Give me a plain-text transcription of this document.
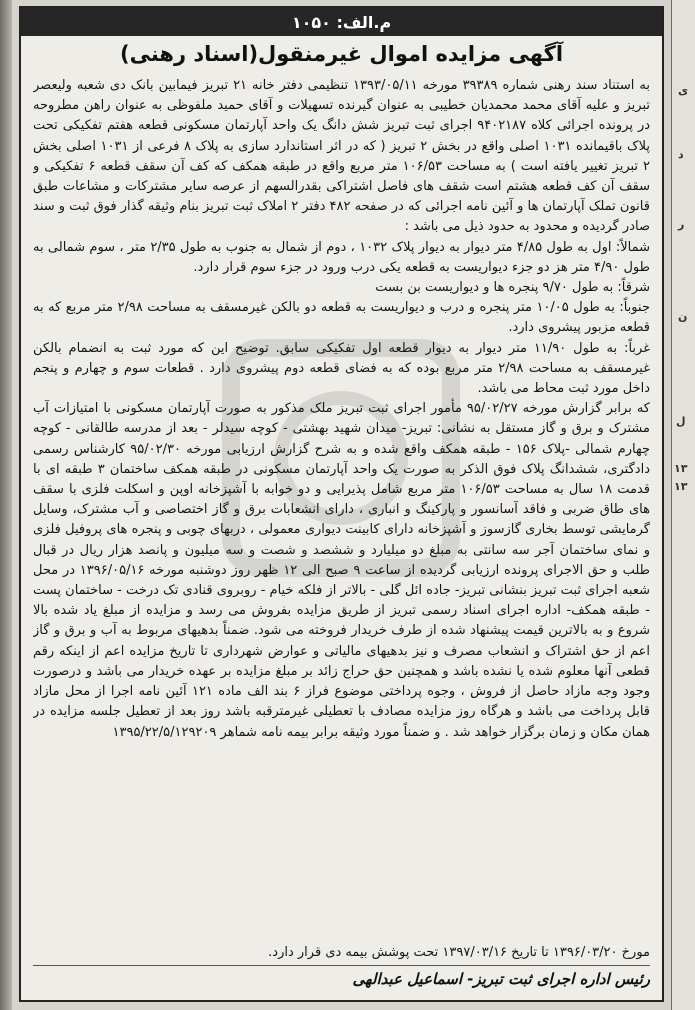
ی
د
ر
ن
ل
۱۳
۱۳
م.الف: ۱۰۵۰
آگهی مزایده اموال غیرمنقول(اسناد رهنی)

به استناد سند رهنی شماره ۳۹۳۸۹ مورخه ۱۳۹۳/۰۵/۱۱ تنظیمی دفتر خانه ۲۱ تبریز فیمابین بانک دی شعبه ولیعصر تبریز و علیه آقای محمد محمدیان خطیبی به عنوان گیرنده تسهیلات و آقای حمید ملفوظی به عنوان راهن مطروحه در پرونده اجرائی کلاه ۹۴۰۲۱۸۷ اجرای ثبت تبریز شش دانگ یک واحد آپارتمان مسکونی قطعه هفتم تفکیکی تحت پلاک باقیمانده ۱۰۳۱ اصلی واقع در بخش ۲ تبریز ( که در اثر استاندارد سازی به پلاک ۸ فرعی از ۱۰۳۱ اصلی بخش ۲ تبریز تغییر یافته است ) به مساحت ۱۰۶/۵۳ متر مربع واقع در طبقه همکف که کف آن سقف قطعه ۶ تفکیکی و سقف آن کف قطعه هشتم است شقف های فاصل اشتراکی بقدرالسهم از عرصه سایر مشترکات و مشاعات طبق قانون تملک آپارتمان ها و آئین نامه اجرائی که در صفحه ۴۸۲ دفتر ۲ املاک ثبت تبریز بنام وثیقه گذار فوق ثبت و سند صادر گردیده و محدود به حدود ذیل می باشد :

شمالاً: اول به طول ۴/۸۵ متر دیوار به دیوار پلاک ۱۰۳۲ ، دوم از شمال به جنوب به طول ۲/۳۵ متر ، سوم شمالی به طول ۴/۹۰ متر هز دو جزء دیواریست به قطعه یکی درب ورود در جزء سوم قرار دارد.

شرقاً: به طول ۹/۷۰ پنجره ها و دیواریست بن بست

جنوباً: به طول ۱۰/۰۵ متر پنجره و درب و دیواریست به قطعه دو بالکن غیرمسقف به مساحت ۲/۹۸ متر مربع که به قطعه مزبور پیشروی دارد.

غرباً: به طول ۱۱/۹۰ متر دیوار به دیوار قطعه اول تفکیکی سابق. توضیح این که مورد ثبت به انضمام بالکن غیرمسقف به مساحت ۲/۹۸ متر مربع بوده که به فضای قطعه دوم پیشروی دارد . قطعات سوم و چهارم و پنجم داخل مورد ثبت محاط می باشد.

که برابر گزارش مورخه ۹۵/۰۲/۲۷ مأمور اجرای ثبت تبریز ملک مذکور به صورت آپارتمان مسکونی با امتیازات آب مشترک و برق و گاز مستقل به نشانی: تبریز- میدان شهید بهشتی - کوچه سیدلر - بعد از مدرسه طالقانی - کوچه چهارم شمالی -پلاک ۱۵۶ - طبقه همکف واقع شده و به شرح گزارش ارزیابی مورخه ۹۵/۰۲/۳۰ کارشناس رسمی دادگتری، ششدانگ پلاک فوق الذکر به صورت یک واحد آپارتمان مسکونی در طبقه همکف ساختمان ۳ طبقه ای با قدمت ۱۸ سال به مساحت ۱۰۶/۵۳ متر مربع شامل پذیرایی و دو خوابه با آشپزخانه اوپن و اسکلت فلزی با سقف های طاق ضربی و فاقد آسانسور و پارکینگ و انباری ، دارای انشعابات برق و گاز اختصاصی و آب مشترک، وسایل گرمایشی توسط بخاری گازسوز و آشپزخانه دارای کابینت دیواری معمولی ، دربهای چوبی و پنجره های پروفیل فلزی و نمای ساختمان آجر سه سانتی به مبلغ دو میلیارد و ششصد و شصت و سه میلیون و پانصد هزار ریال در قبال طلب و حق الاجرای پرونده ارزیابی گردیده از ساعت ۹ صبح الی ۱۲ ظهر روز دوشنبه مورخه ۱۳۹۶/۰۵/۱۶ در محل شعبه اجرای ثبت تبریز بنشانی تبریز- جاده ائل گلی - بالاتر از فلکه خیام - روبروی قنادی تک درخت - ساختمان پست - طبقه همکف- اداره اجرای اسناد رسمی تبریز از طریق مزایده بفروش می رسد و مزایده از مبلغ یاد شده بالا شروع و به بالاترین قیمت پیشنهاد شده از طرف خریدار فروخته می شود. ضمناً بدهیهای مربوط به آب و برق و گاز اعم از حق اشتراک و انشعاب مصرف و نیز بدهیهای مالیاتی و عوارض شهرداری تا تاریخ مزایده اعم از اینکه رقم قطعی آنها معلوم شده یا نشده باشد و همچنین حق حراج زائد بر مبلغ مزایده بر عهده خریدار می باشد و درصورت وجود وجه مازاد حاصل از فروش ، وجوه پرداختی موضوع فراز ۶ بند الف ماده ۱۲۱ آئین نامه اجرا از محل مازاد قابل پرداخت می باشد و هرگاه روز مزایده مصادف با تعطیلی غیرمترقبه باشد روز بعد از تعطیل جلسه مزایده در همان مکان و زمان برگزار خواهد شد . و ضمناً مورد وثیقه برابر بیمه نامه شماهر ۱۳۹۵/۲۲/۵/۱۲۹۲۰۹

مورخ ۱۳۹۶/۰۳/۲۰ تا تاریخ ۱۳۹۷/۰۳/۱۶ تحت پوشش بیمه دی قرار دارد.
رئیس اداره اجرای ثبت تبریز- اسماعیل عبدالهی
